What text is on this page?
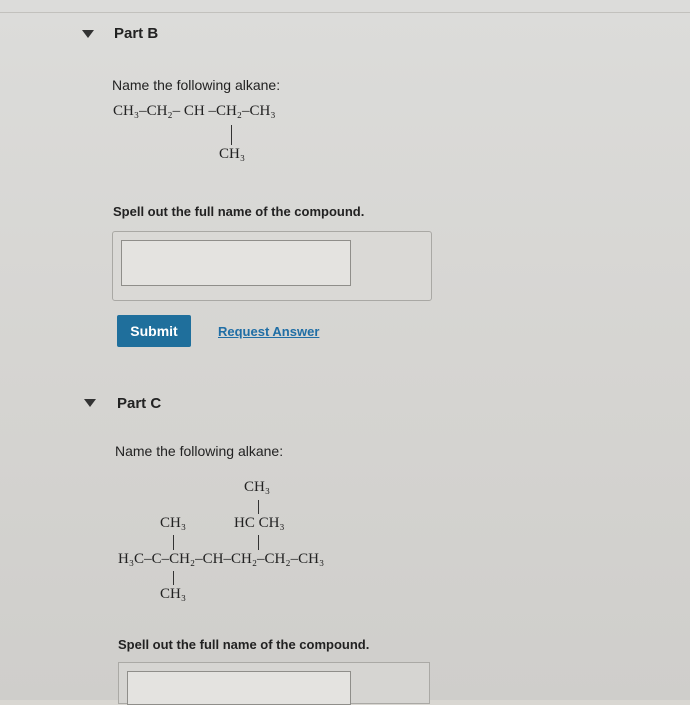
Part B
Name the following alkane:
CH₃–CH₂– CH –CH₂–CH₃
CH₃
Spell out the full name of the compound.
Submit	Request Answer
Part C
Name the following alkane:
CH₃
CH₃	HC CH₃
H₃C–C–CH₂–CH–CH₂–CH₂–CH₃
CH₃
Spell out the full name of the compound.
